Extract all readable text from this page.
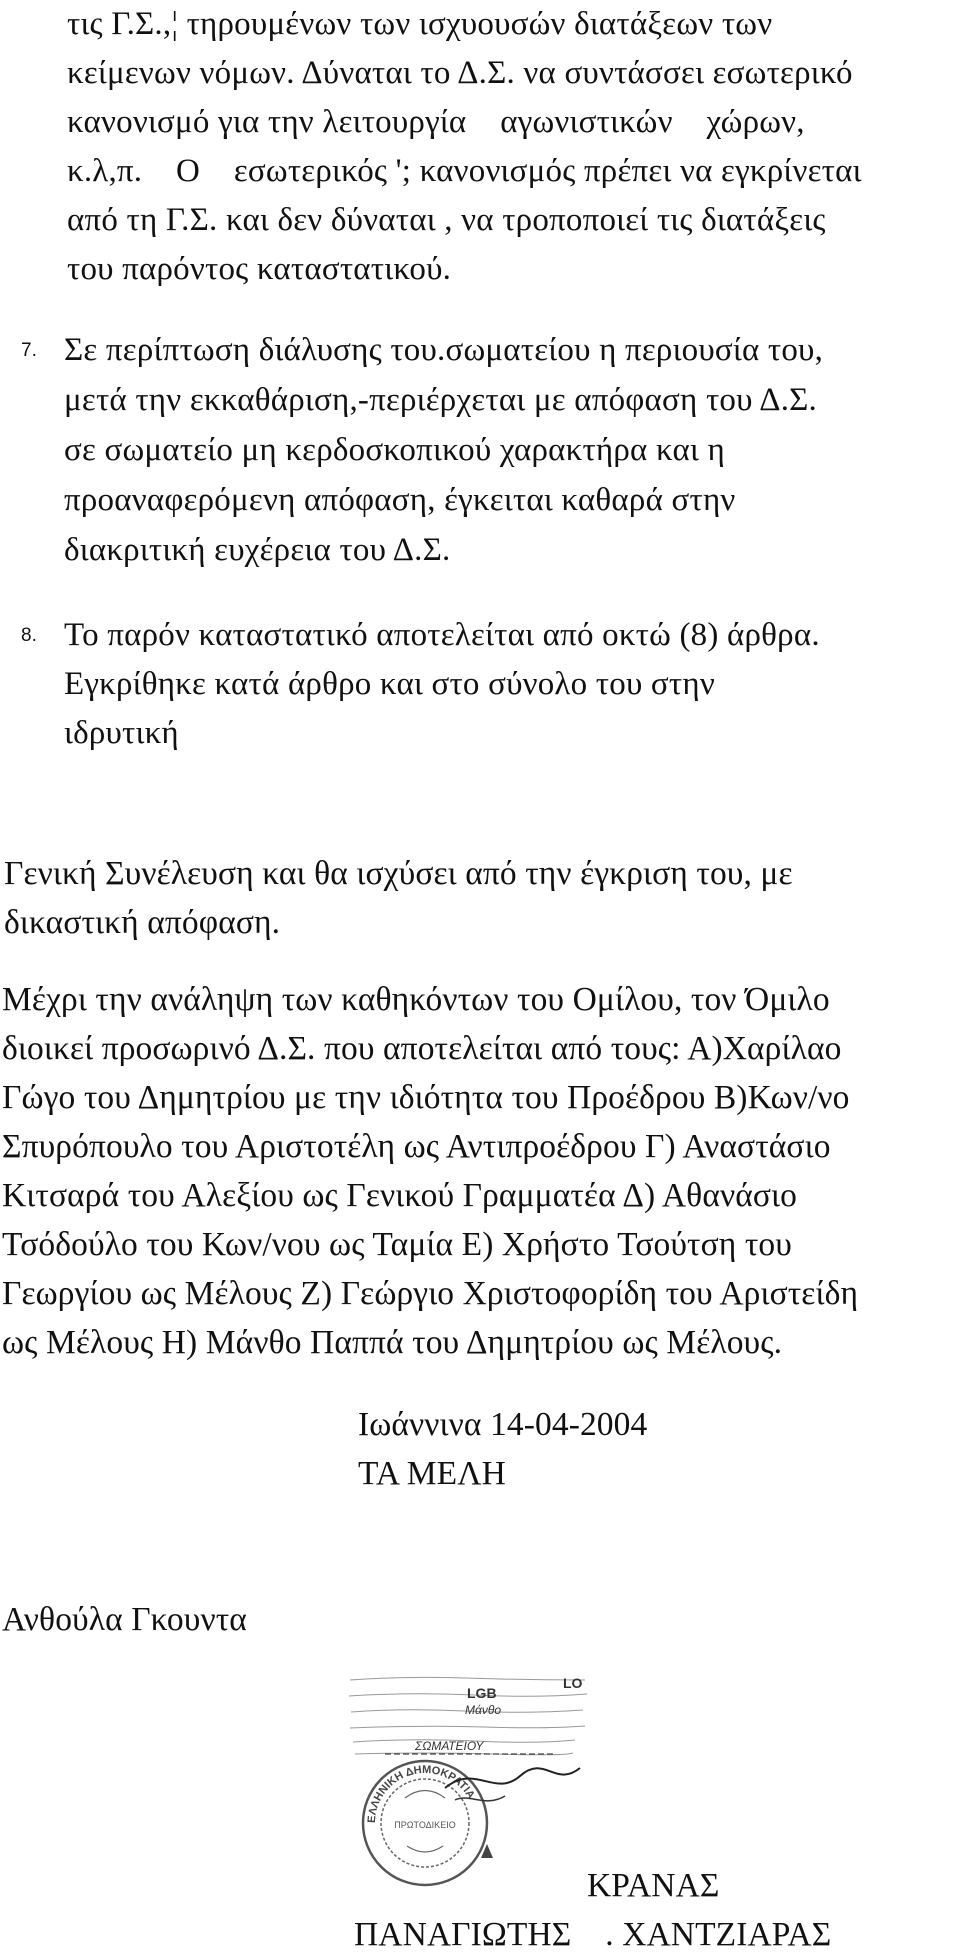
τις Γ.Σ.,¦ τηρουμένων των ισχυουσών διατάξεων των
κείμενων νόμων. Δύναται το Δ.Σ. να συντάσσει εσωτερικό
κανονισμό για την λειτουργία    αγωνιστικών    χώρων,
κ.λ,π.    Ο    εσωτερικός '; κανονισμός πρέπει να εγκρίνεται
από τη Γ.Σ. και δεν δύναται , να τροποποιεί τις διατάξεις
του παρόντος καταστατικού.
7. Σε περίπτωση διάλυσης του.σωματείου η περιουσία του,
μετά την εκκαθάριση,-περιέρχεται με απόφαση του Δ.Σ.
σε σωματείο μη κερδοσκοπικού χαρακτήρα και η
προαναφερόμενη απόφαση, έγκειται καθαρά στην
διακριτική ευχέρεια του Δ.Σ.
8. Το παρόν καταστατικό αποτελείται από οκτώ (8) άρθρα.
Εγκρίθηκε κατά άρθρο και στο σύνολο του στην
ιδρυτική
Γενική Συνέλευση και θα ισχύσει από την έγκριση του, με
δικαστική απόφαση.
Μέχρι την ανάληψη των καθηκόντων του Ομίλου, τον Όμιλο
διοικεί προσωρινό Δ.Σ. που αποτελείται από τους: Α)Χαρίλαο
Γώγο του Δημητρίου με την ιδιότητα του Προέδρου Β)Κων/νο
Σπυρόπουλο του Αριστοτέλη ως Αντιπροέδρου Γ) Αναστάσιο
Κιτσαρά του Αλεξίου ως Γενικού Γραμματέα Δ) Αθανάσιο
Τσόδούλο του Κων/νου ως Ταμία Ε) Χρήστο Τσούτση του
Γεωργίου ως Μέλους Ζ) Γεώργιο Χριστοφορίδη του Αριστείδη
ως Μέλους Η) Μάνθο Παππά του Δημητρίου ως Μέλους.
Ιωάννινα 14-04-2004
ΤΑ ΜΕΛΗ
Ανθούλα Γκουντα
ΚΡΑΝΑΣ
ΠΑΝΑΓΙΩΤΗΣ    . ΧΑΝΤΖΙΑΡΑΣ
LGB
LO
Μάνθο
ΣΩΜΑΤΕΙΟΥ
ΕΛΛΗΝΙΚΗ ΔΗΜΟΚΡΑΤΙΑ
ΠΡΩΤΟΔΙΚΕΙΟ
